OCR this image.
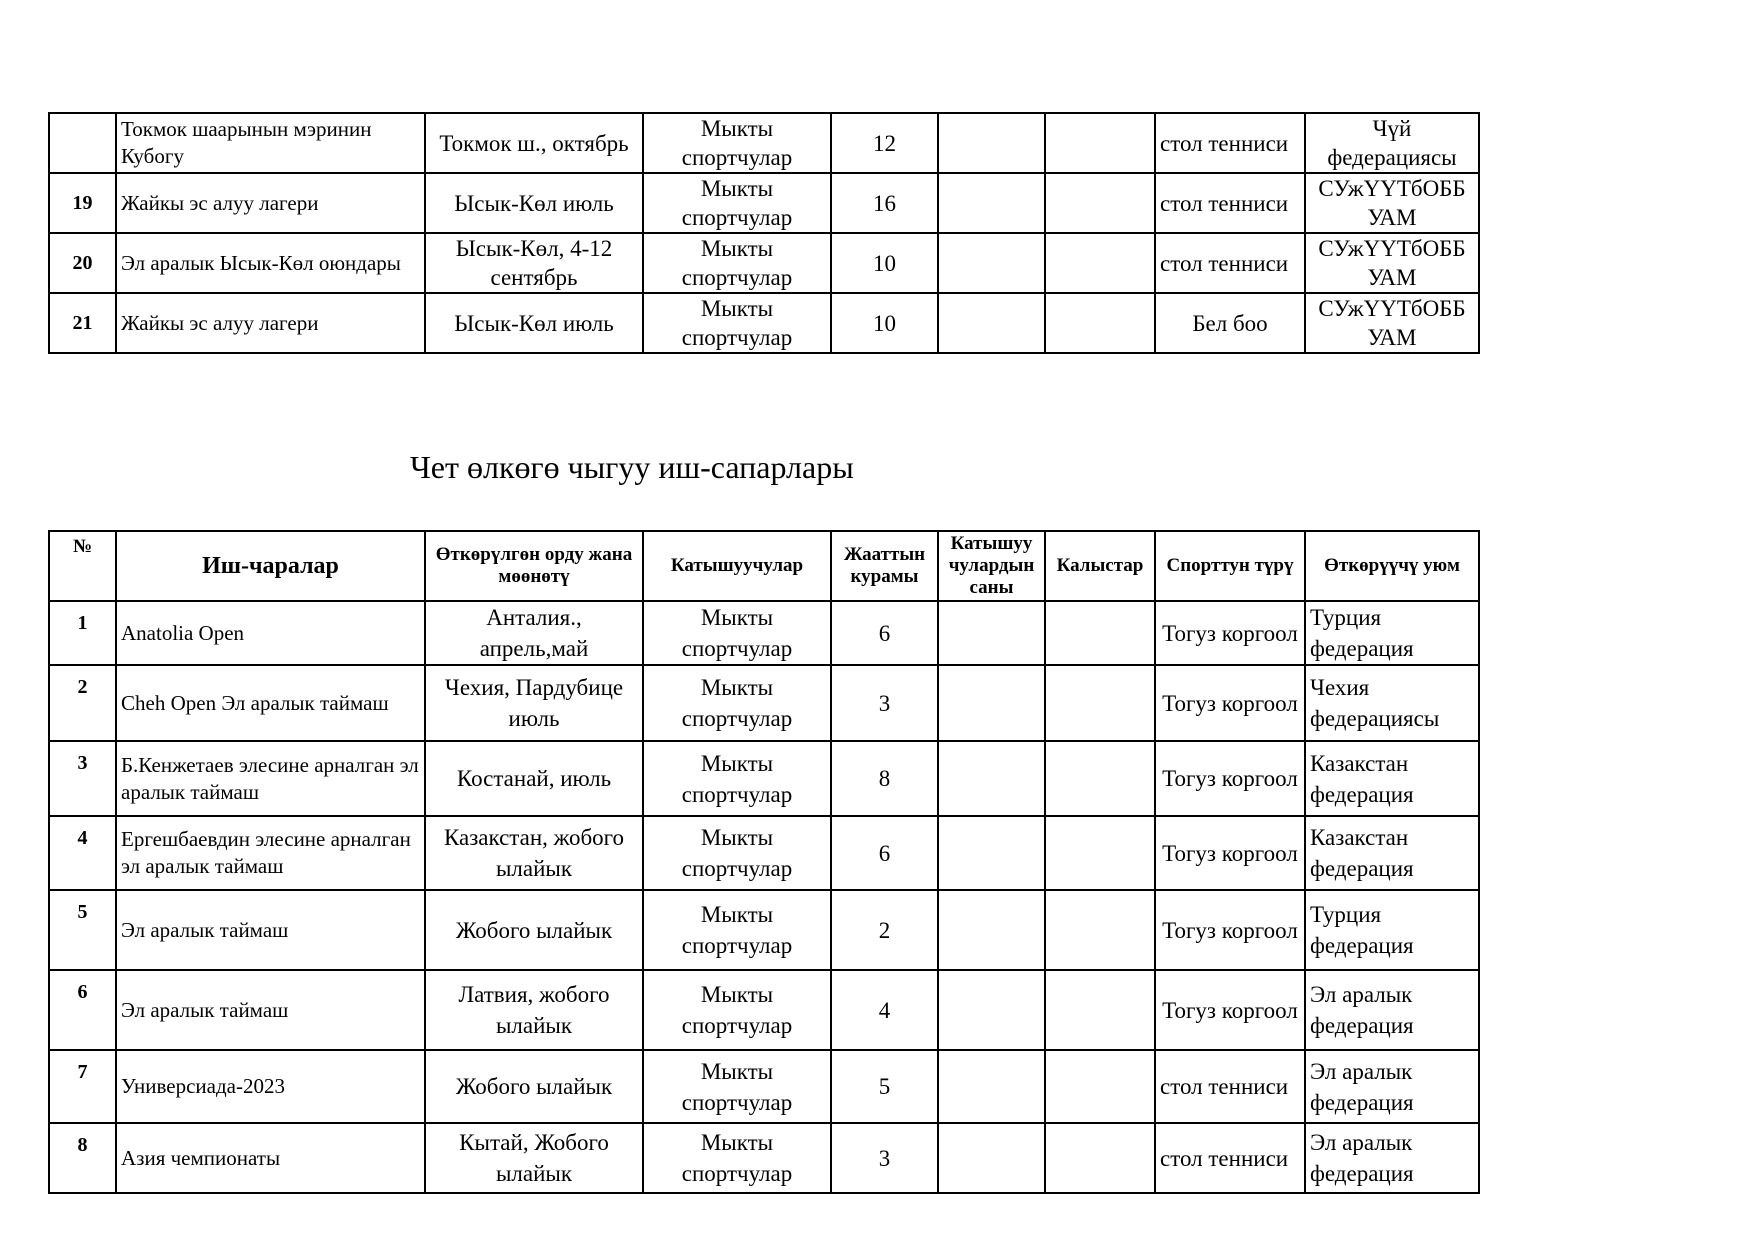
	Токмок шаарынын мэринин Кубогу	Токмок ш., октябрь	Мыкты спортчулар	12			стол тенниси	Чүй федерациясы
19	Жайкы эс алуу лагери	Ысык-Көл июль	Мыкты спортчулар	16			стол тенниси	СУжҮҮТбОББ УАМ
20	Эл аралык Ысык-Көл оюндары	Ысык-Көл, 4-12 сентябрь	Мыкты спортчулар	10			стол тенниси	СУжҮҮТбОББ УАМ
21	Жайкы эс алуу лагери	Ысык-Көл июль	Мыкты спортчулар	10			Бел боо	СУжҮҮТбОББ УАМ
Чет өлкөгө чыгуу иш-сапарлары
№	Иш-чаралар	Өткөрүлгөн орду жана мөөнөтү	Катышуучулар	Жааттын курамы	Катышуу чулардын саны	Калыстар	Спорттун түрү	Өткөрүүчү уюм
1	Anatolia Open	Анталия., апрель,май	Мыкты спортчулар	6			Тогуз коргоол	Турция федерация
2	Cheh Open Эл аралык таймаш	Чехия, Пардубице июль	Мыкты спортчулар	3			Тогуз коргоол	Чехия федерациясы
3	Б.Кенжетаев элесине арналган эл аралык таймаш	Костанай, июль	Мыкты спортчулар	8			Тогуз коргоол	Казакстан федерация
4	Ергешбаевдин элесине арналган эл аралык таймаш	Казакстан, жобого ылайык	Мыкты спортчулар	6			Тогуз коргоол	Казакстан федерация
5	Эл аралык таймаш	Жобого ылайык	Мыкты спортчулар	2			Тогуз коргоол	Турция федерация
6	Эл аралык таймаш	Латвия, жобого ылайык	Мыкты спортчулар	4			Тогуз коргоол	Эл аралык федерация
7	Универсиада-2023	Жобого ылайык	Мыкты спортчулар	5			стол тенниси	Эл аралык федерация
8	Азия чемпионаты	Кытай, Жобого ылайык	Мыкты спортчулар	3			стол тенниси	Эл аралык федерация
